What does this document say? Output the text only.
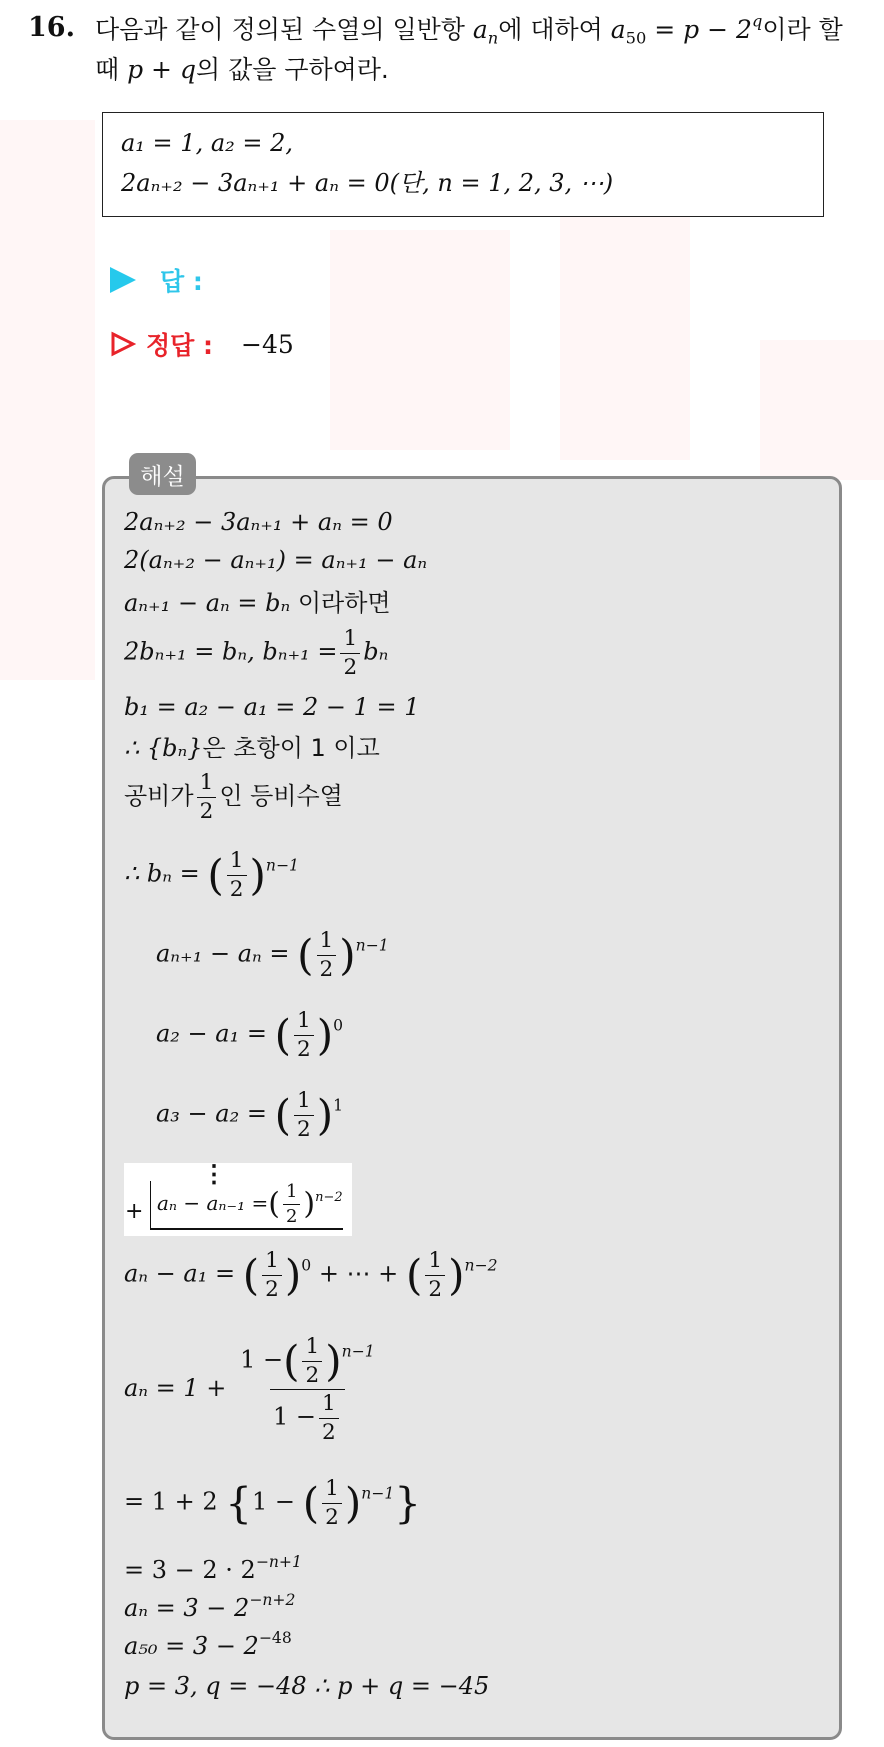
16. 다음과 같이 정의된 수열의 일반항 $a_n$에 대하여 $a_{50} = p - 2^q$이라 할
때 p + q의 값을 구하여라.
a₁ = 1, a₂ = 2,
2aₙ₊₂ − 3aₙ₊₁ + aₙ = 0(단, n = 1, 2, 3, ⋯)
답 :
정답 : −45
해설
2aₙ₊₂ − 3aₙ₊₁ + aₙ = 0
2(aₙ₊₂ − aₙ₊₁) = aₙ₊₁ − aₙ
aₙ₊₁ − aₙ = bₙ 이라하면
2bₙ₊₁ = bₙ, $b_{n+1} = \frac{1}{2}$ bₙ
b₁ = a₂ − a₁ = 2 − 1 = 1
∴ {bₙ}은 초항이 1 이고
공비가 $\frac{1}{2}$ 인 등비수열
∴ bₙ = ( $\frac{1}{2} )^{n-1}$
aₙ₊₁ − aₙ = ( $\frac{1}{2} )^{n-1}$
a₂ − a₁ = ( $\frac{1}{2} )^0$
a₃ − a₂ = ( $\frac{1}{2} )^1$
⋮
+ aₙ − aₙ₋₁ =( $\frac{1}{2} )^{n-2}$
aₙ − a₁ = ( $\frac{1}{2} )^0$ + ⋯ + ( $\frac{1}{2} )^{n-2}$
$a_n = 1 + \frac{1 -( \frac{1}{2} )^{n-1}}{1 - \frac{1}{2}}$
= 1 + 2 {1 − ( $\frac{1}{2} )^{n-1}$}
= $3 - 2 \cdot 2^{-n+1}$
$a_n = 3 - 2^{-n+2}$
$a_{50} = 3 - 2^{-48}$
p = 3, q = −48 ∴ p + q = −45
